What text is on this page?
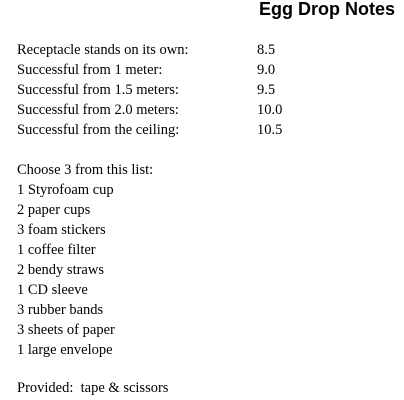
Egg Drop Notes
Receptacle stands on its own:	8.5
Successful from 1 meter:	9.0
Successful from 1.5 meters:	9.5
Successful from 2.0 meters:	10.0
Successful from the ceiling:	10.5
Choose 3 from this list:
1 Styrofoam cup
2 paper cups
3 foam stickers
1 coffee filter
2 bendy straws
1 CD sleeve
3 rubber bands
3 sheets of paper
1 large envelope
Provided:  tape & scissors
